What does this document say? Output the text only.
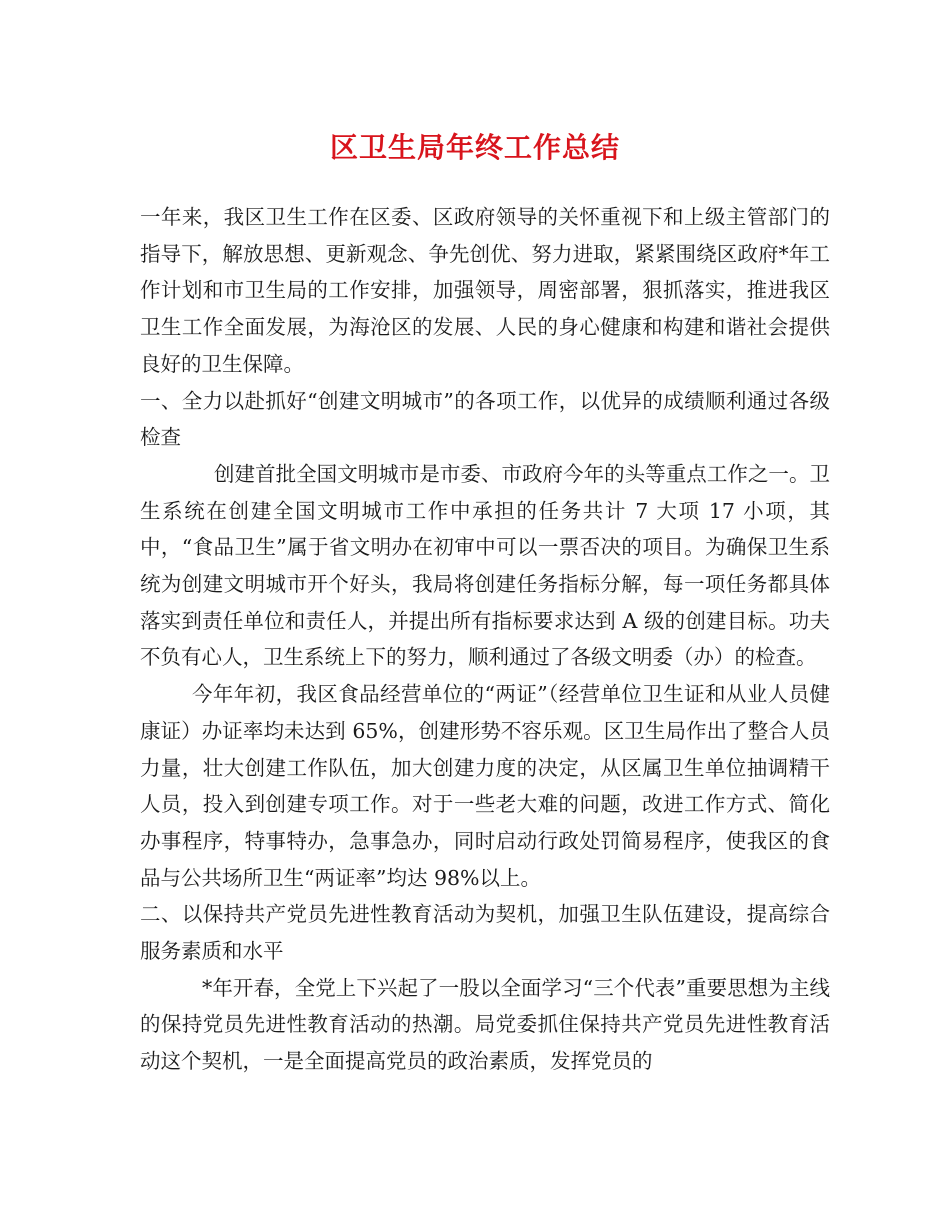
区卫生局年终工作总结

一年来，我区卫生工作在区委、区政府领导的关怀重视下和上级主管部门的指导下，解放思想、更新观念、争先创优、努力进取，紧紧围绕区政府*年工作计划和市卫生局的工作安排，加强领导，周密部署，狠抓落实，推进我区卫生工作全面发展，为海沧区的发展、人民的身心健康和构建和谐社会提供良好的卫生保障。

一、全力以赴抓好“创建文明城市”的各项工作，以优异的成绩顺利通过各级检查

创建首批全国文明城市是市委、市政府今年的头等重点工作之一。卫生系统在创建全国文明城市工作中承担的任务共计 7 大项 17 小项，其中，“食品卫生”属于省文明办在初审中可以一票否决的项目。为确保卫生系统为创建文明城市开个好头，我局将创建任务指标分解，每一项任务都具体落实到责任单位和责任人，并提出所有指标要求达到 A 级的创建目标。功夫不负有心人，卫生系统上下的努力，顺利通过了各级文明委（办）的检查。

今年年初，我区食品经营单位的“两证”（经营单位卫生证和从业人员健康证）办证率均未达到 65%，创建形势不容乐观。区卫生局作出了整合人员力量，壮大创建工作队伍，加大创建力度的决定，从区属卫生单位抽调精干人员，投入到创建专项工作。对于一些老大难的问题，改进工作方式、简化办事程序，特事特办，急事急办，同时启动行政处罚简易程序，使我区的食品与公共场所卫生“两证率”均达 98%以上。

二、以保持共产党员先进性教育活动为契机，加强卫生队伍建设，提高综合服务素质和水平

*年开春，全党上下兴起了一股以全面学习“三个代表”重要思想为主线的保持党员先进性教育活动的热潮。局党委抓住保持共产党员先进性教育活动这个契机，一是全面提高党员的政治素质，发挥党员的
